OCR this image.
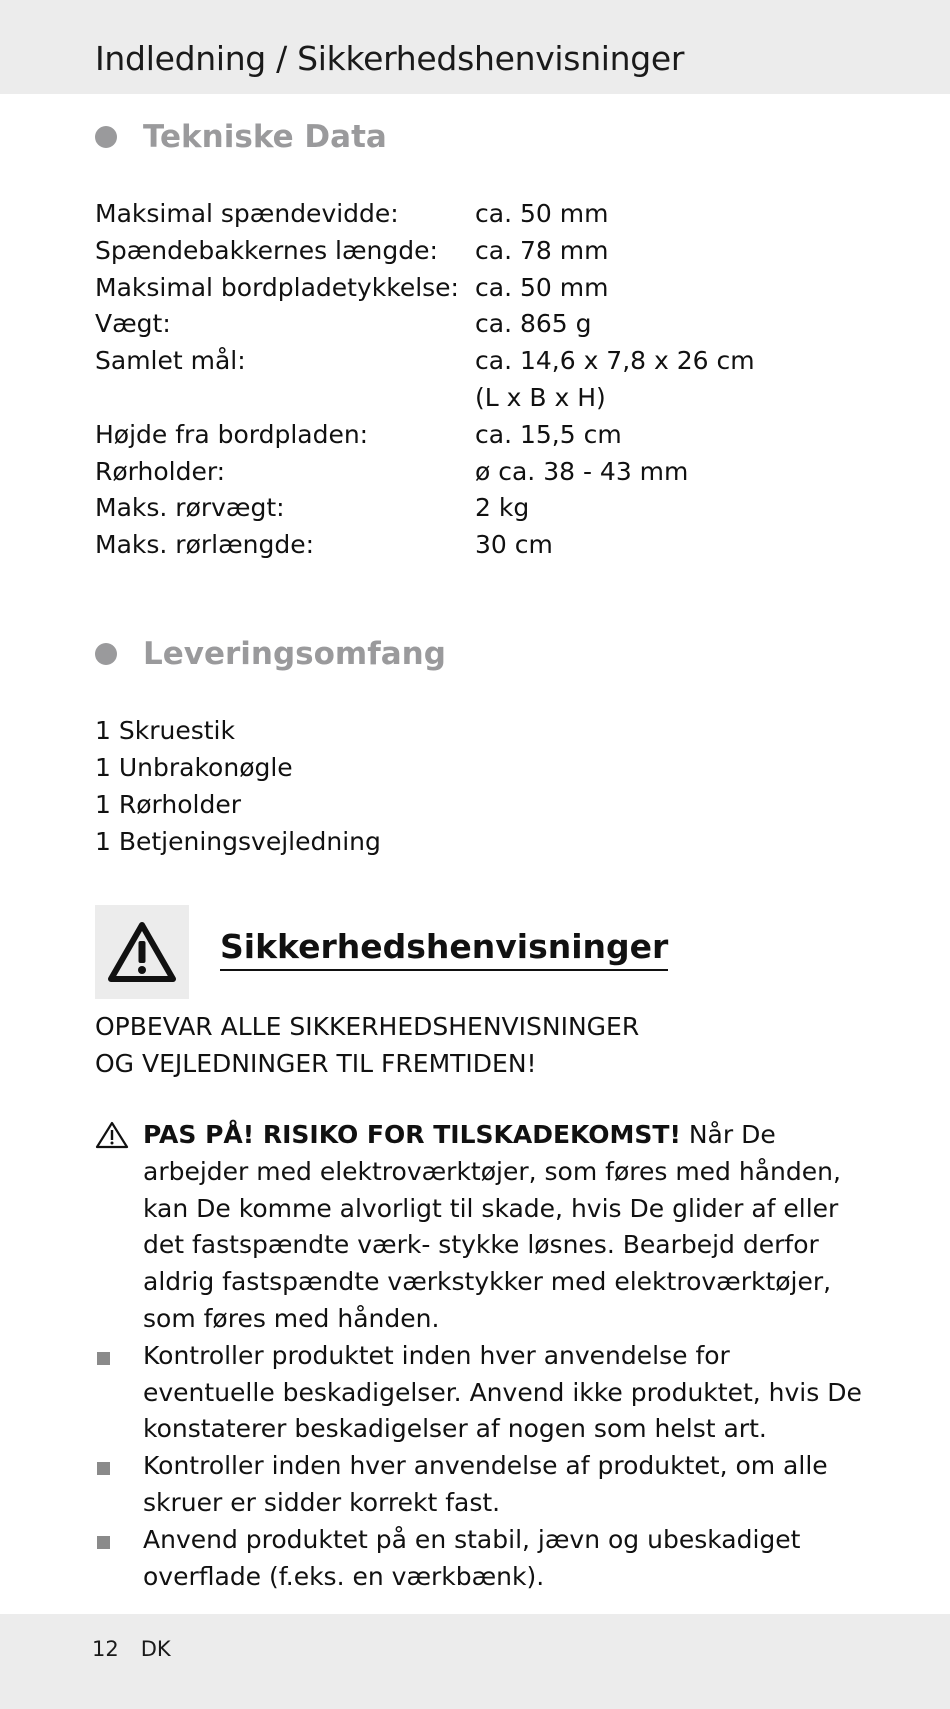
Indledning / Sikkerhedshenvisninger
Tekniske Data
Maksimal spændevidde:	ca. 50 mm
Spændebakkernes længde:	ca. 78 mm
Maksimal bordpladetykkelse: ca. 50 mm
Vægt:	ca. 865 g
Samlet mål:	ca. 14,6 x 7,8 x 26 cm
(L x B x H)
Højde fra bordpladen:	ca. 15,5 cm
Rørholder:	ø ca. 38 - 43 mm
Maks. rørvægt:	2 kg
Maks. rørlængde:	30 cm
Leveringsomfang
1 Skruestik
1 Unbrakonøgle
1 Rørholder
1 Betjeningsvejledning
Sikkerhedshenvisninger
OPBEVAR ALLE SIKKERHEDSHENVISNINGER
OG VEJLEDNINGER TIL FREMTIDEN!
PAS PÅ! RISIKO FOR TILSKADEKOMST! Når De arbejder med elektroværktøjer, som føres med hånden, kan De komme alvorligt til skade, hvis De glider af eller det fastspændte værk- stykke løsnes. Bearbejd derfor aldrig fastspændte værkstykker med elektroværktøjer, som føres med hånden.
Kontroller produktet inden hver anvendelse for eventuelle beskadigelser. Anvend ikke produktet, hvis De konstaterer beskadigelser af nogen som helst art.
Kontroller inden hver anvendelse af produktet, om alle skruer er sidder korrekt fast.
Anvend produktet på en stabil, jævn og ubeskadiget overflade (f.eks. en værkbænk).
12 DK
